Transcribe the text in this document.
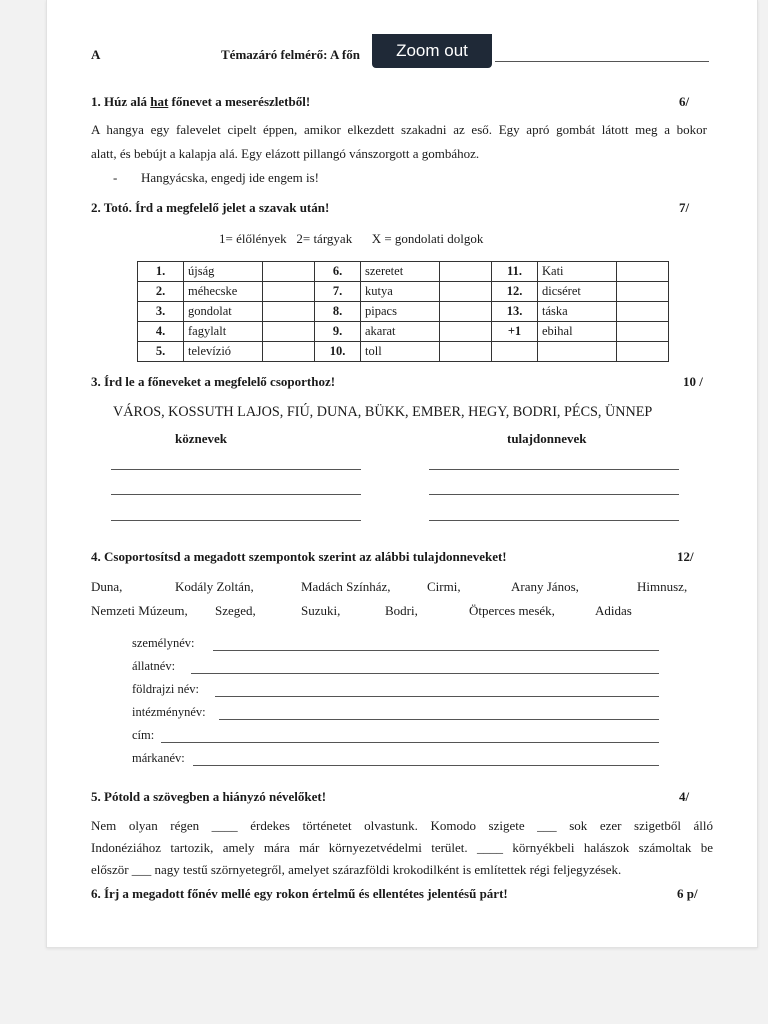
A	Témazáró felmérő: A főn
1. Húz alá hat főnevet a meserészletből!	6/
A hangya egy falevelet cipelt éppen, amikor elkezdett szakadni az eső. Egy apró gombát látott meg a bokor
alatt, és bebújt a kalapja alá. Egy elázott pillangó vánszorgott a gombához.
- Hangyácska, engedj ide engem is!
2. Totó. Írd a megfelelő jelet a szavak után!	7/
1= élőlények   2= tárgyak      X = gondolati dolgok
1.	újság		6.	szeretet		11.	Kati	
2.	méhecske		7.	kutya		12.	dicséret	
3.	gondolat		8.	pipacs		13.	táska	
4.	fagylalt		9.	akarat		+1	ebihal	
5.	televízió		10.	toll				
3. Írd le a főneveket a megfelelő csoporthoz!	10 /
VÁROS, KOSSUTH LAJOS, FIÚ, DUNA, BÜKK, EMBER, HEGY, BODRI, PÉCS, ÜNNEP
köznevek	tulajdonnevek
4. Csoportosítsd a megadott szempontok szerint az alábbi tulajdonneveket!	12/
Duna,	Kodály Zoltán,	Madách Színház,	Cirmi,	Arany János,	Himnusz,
Nemzeti Múzeum, Szeged,	Suzuki,	Bodri,	Ötperces mesék,	Adidas
személynév:
állatnév:
földrajzi név:
intézménynév:
cím:
márkanév:
5. Pótold a szövegben a hiányzó névelőket!	4/
Nem olyan régen ____ érdekes történetet olvastunk. Komodo szigete ___ sok ezer szigetből álló
Indonéziához tartozik, amely mára már környezetvédelmi terület. ____ környékbeli halászok számoltak be
először ___ nagy testű szörnyetegről, amelyet szárazföldi krokodilként is említettek régi feljegyzések.
6. Írj a megadott főnév mellé egy rokon értelmű és ellentétes jelentésű párt!	6 p/
Zoom out
